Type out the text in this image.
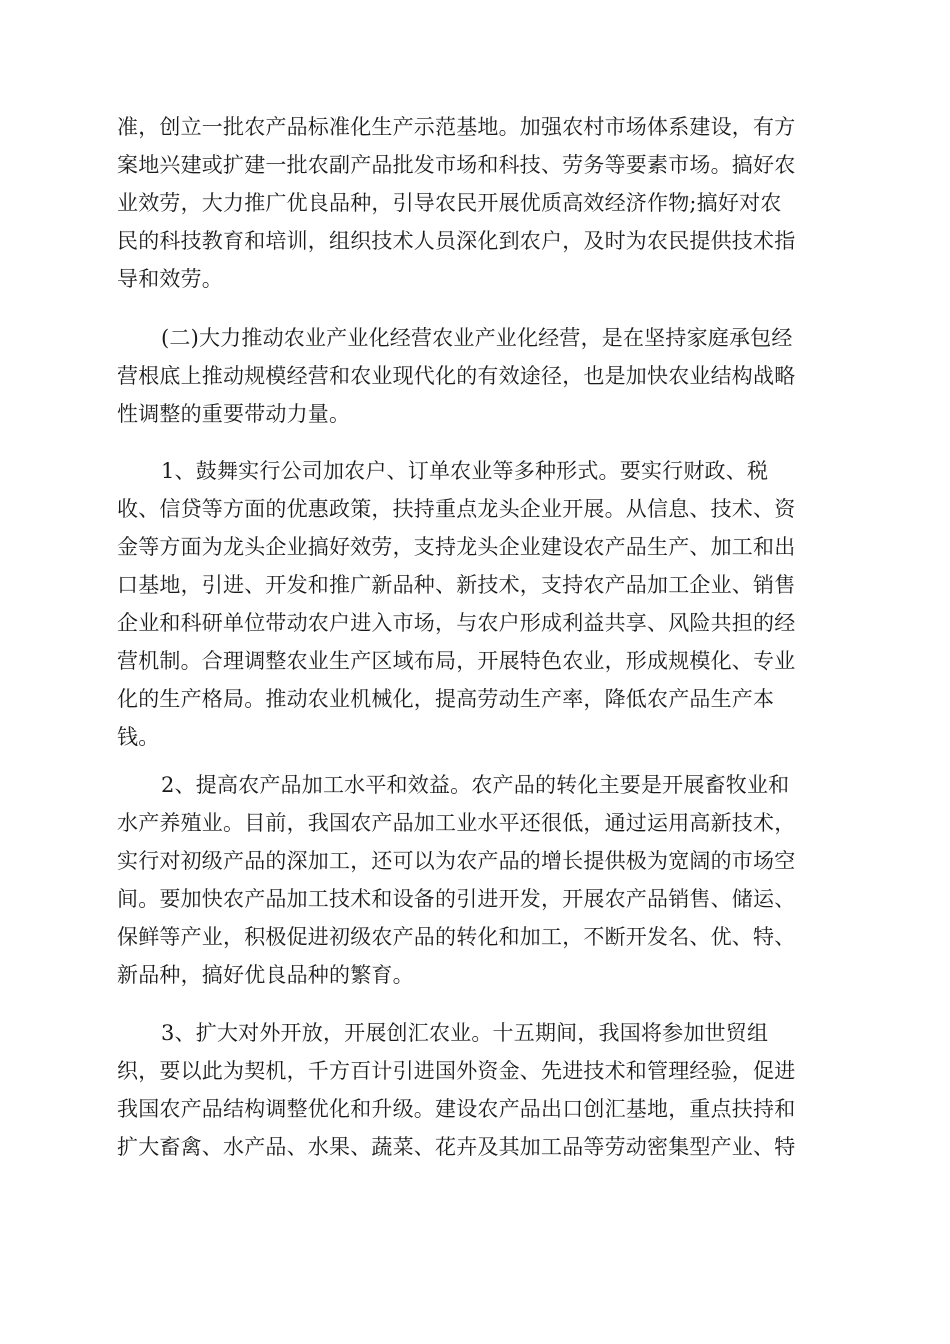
准，创立一批农产品标准化生产示范基地。加强农村市场体系建设，有方
案地兴建或扩建一批农副产品批发市场和科技、劳务等要素市场。搞好农
业效劳，大力推广优良品种，引导农民开展优质高效经济作物;搞好对农
民的科技教育和培训，组织技术人员深化到农户，及时为农民提供技术指
导和效劳。
(二)大力推动农业产业化经营农业产业化经营，是在坚持家庭承包经
营根底上推动规模经营和农业现代化的有效途径，也是加快农业结构战略
性调整的重要带动力量。
1、鼓舞实行公司加农户、订单农业等多种形式。要实行财政、税
收、信贷等方面的优惠政策，扶持重点龙头企业开展。从信息、技术、资
金等方面为龙头企业搞好效劳，支持龙头企业建设农产品生产、加工和出
口基地，引进、开发和推广新品种、新技术，支持农产品加工企业、销售
企业和科研单位带动农户进入市场，与农户形成利益共享、风险共担的经
营机制。合理调整农业生产区域布局，开展特色农业，形成规模化、专业
化的生产格局。推动农业机械化，提高劳动生产率，降低农产品生产本
钱。
2、提高农产品加工水平和效益。农产品的转化主要是开展畜牧业和
水产养殖业。目前，我国农产品加工业水平还很低，通过运用高新技术，
实行对初级产品的深加工，还可以为农产品的增长提供极为宽阔的市场空
间。要加快农产品加工技术和设备的引进开发，开展农产品销售、储运、
保鲜等产业，积极促进初级农产品的转化和加工，不断开发名、优、特、
新品种，搞好优良品种的繁育。
3、扩大对外开放，开展创汇农业。十五期间，我国将参加世贸组
织，要以此为契机，千方百计引进国外资金、先进技术和管理经验，促进
我国农产品结构调整优化和升级。建设农产品出口创汇基地，重点扶持和
扩大畜禽、水产品、水果、蔬菜、花卉及其加工品等劳动密集型产业、特
